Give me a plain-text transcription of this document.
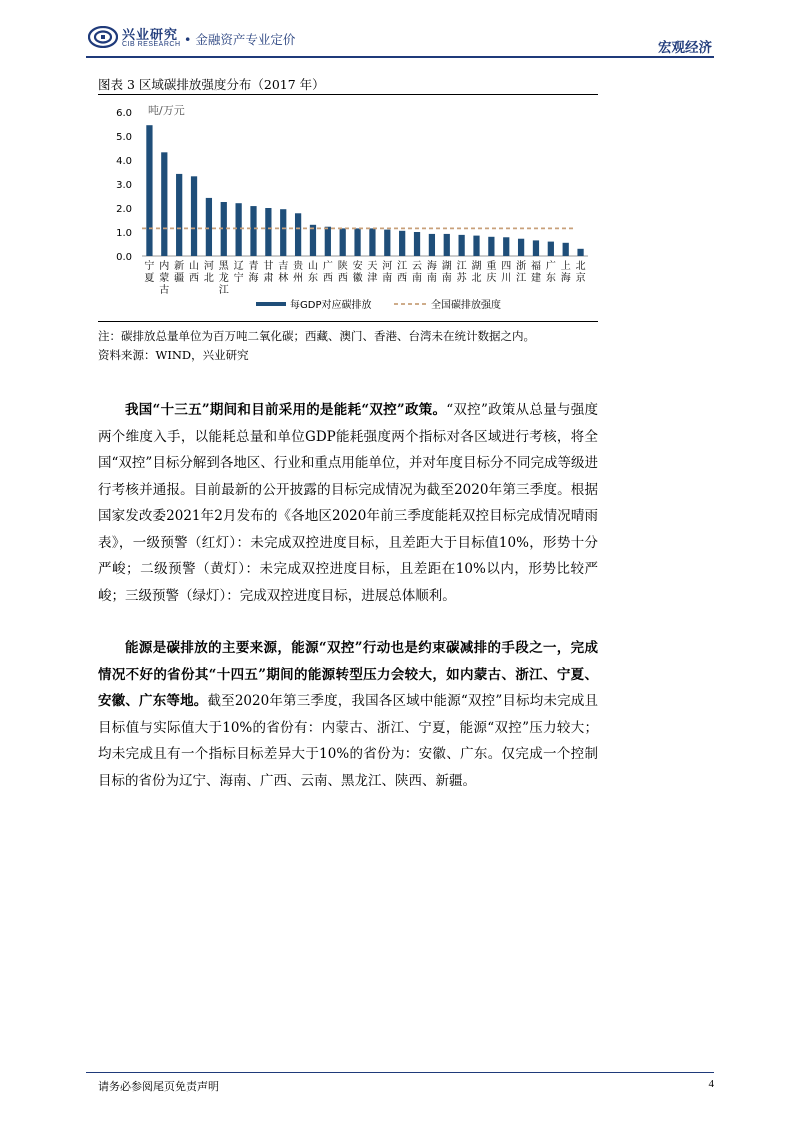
兴业研究
CIB RESEARCH • 金融资产专业定价
宏观经济
图表 3 区域碳排放强度分布（2017 年）
0.0
1.0
2.0
3.0
4.0
5.0
6.0
宁夏
内蒙古
新疆
山西
河北
黑龙江
辽宁
青海
甘肃
吉林
贵州
山东
广西
陕西
安徽
天津
河南
江西
云南
海南
湖南
江苏
湖北
重庆
四川
浙江
福建
广东
上海
北京
每GDP对应碳排放	全国碳排放强度
吨/万元
注：碳排放总量单位为百万吨二氧化碳；西藏、澳门、香港、台湾未在统计数据之内。
资料来源：WIND，兴业研究
我国“十三五”期间和目前采用的是能耗“双控”政策。“双控”政策从总量与强度两个维度入手，以能耗总量和单位GDP能耗强度两个指标对各区域进行考核，将全国“双控”目标分解到各地区、行业和重点用能单位，并对年度目标分不同完成等级进行考核并通报。目前最新的公开披露的目标完成情况为截至2020年第三季度。根据国家发改委2021年2月发布的《各地区2020年前三季度能耗双控目标完成情况晴雨表》，一级预警（红灯）：未完成双控进度目标，且差距大于目标值10%，形势十分严峻；二级预警（黄灯）：未完成双控进度目标，且差距在10%以内，形势比较严峻；三级预警（绿灯）：完成双控进度目标，进展总体顺利。
能源是碳排放的主要来源，能源“双控”行动也是约束碳减排的手段之一，完成情况不好的省份其“十四五”期间的能源转型压力会较大，如内蒙古、浙江、宁夏、安徽、广东等地。截至2020年第三季度，我国各区域中能源“双控”目标均未完成且目标值与实际值大于10%的省份有：内蒙古、浙江、宁夏，能源“双控”压力较大；均未完成且有一个指标目标差异大于10%的省份为：安徽、广东。仅完成一个控制目标的省份为辽宁、海南、广西、云南、黑龙江、陕西、新疆。
请务必参阅尾页免责声明	4
